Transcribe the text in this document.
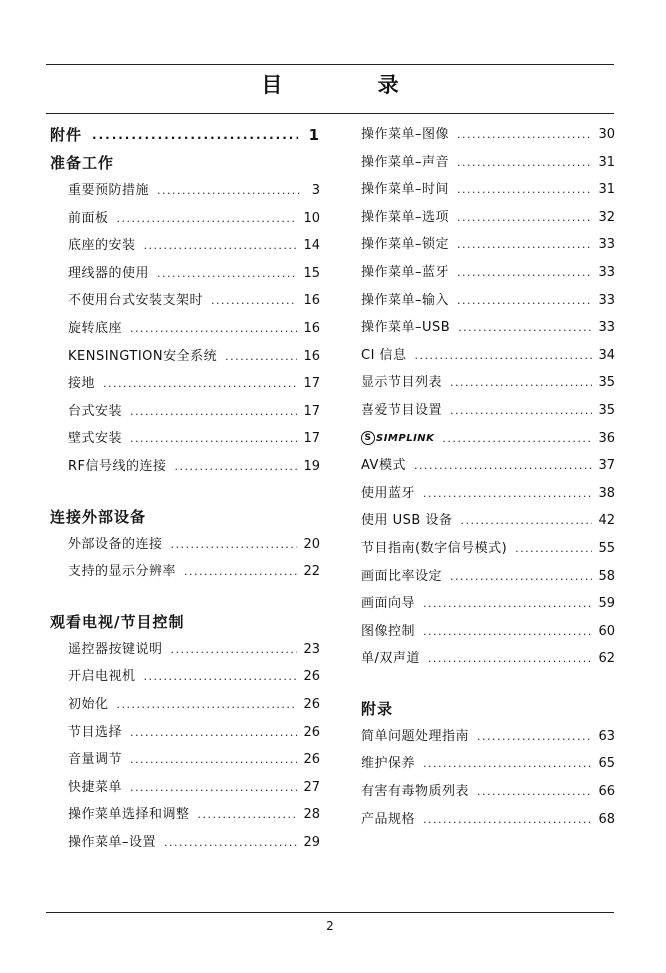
目 录
附件 .....	1
准备工作
重要预防措施 .....	3
前面板 .....	10
底座的安装 .....	14
理线器的使用 .....	15
不使用台式安装支架时 .....	16
旋转底座 .....	16
KENSINGTION安全系统 .....	16
接地 .....	17
台式安装 .....	17
壁式安装 .....	17
RF信号线的连接 .....	19
连接外部设备
外部设备的连接 .....	20
支持的显示分辨率 .....	22
观看电视/节目控制
遥控器按键说明 .....	23
开启电视机 .....	26
初始化 .....	26
节目选择 .....	26
音量调节 .....	26
快捷菜单 .....	27
操作菜单选择和调整 .....	28
操作菜单–设置 .....	29
操作菜单–图像 .....	30
操作菜单–声音 .....	31
操作菜单–时间 .....	31
操作菜单–选项 .....	32
操作菜单–锁定 .....	33
操作菜单–蓝牙 .....	33
操作菜单–输入 .....	33
操作菜单–USB .....	33
CI 信息 .....	34
显示节目列表 .....	35
喜爱节目设置 .....	35
S SIMPLINK .....	36
AV模式 .....	37
使用蓝牙 .....	38
使用 USB 设备 .....	42
节目指南(数字信号模式) .....	55
画面比率设定 .....	58
画面向导 .....	59
图像控制 .....	60
单/双声道 .....	62
附录
简单问题处理指南 .....	63
维护保养 .....	65
有害有毒物质列表 .....	66
产品规格 .....	68
2
